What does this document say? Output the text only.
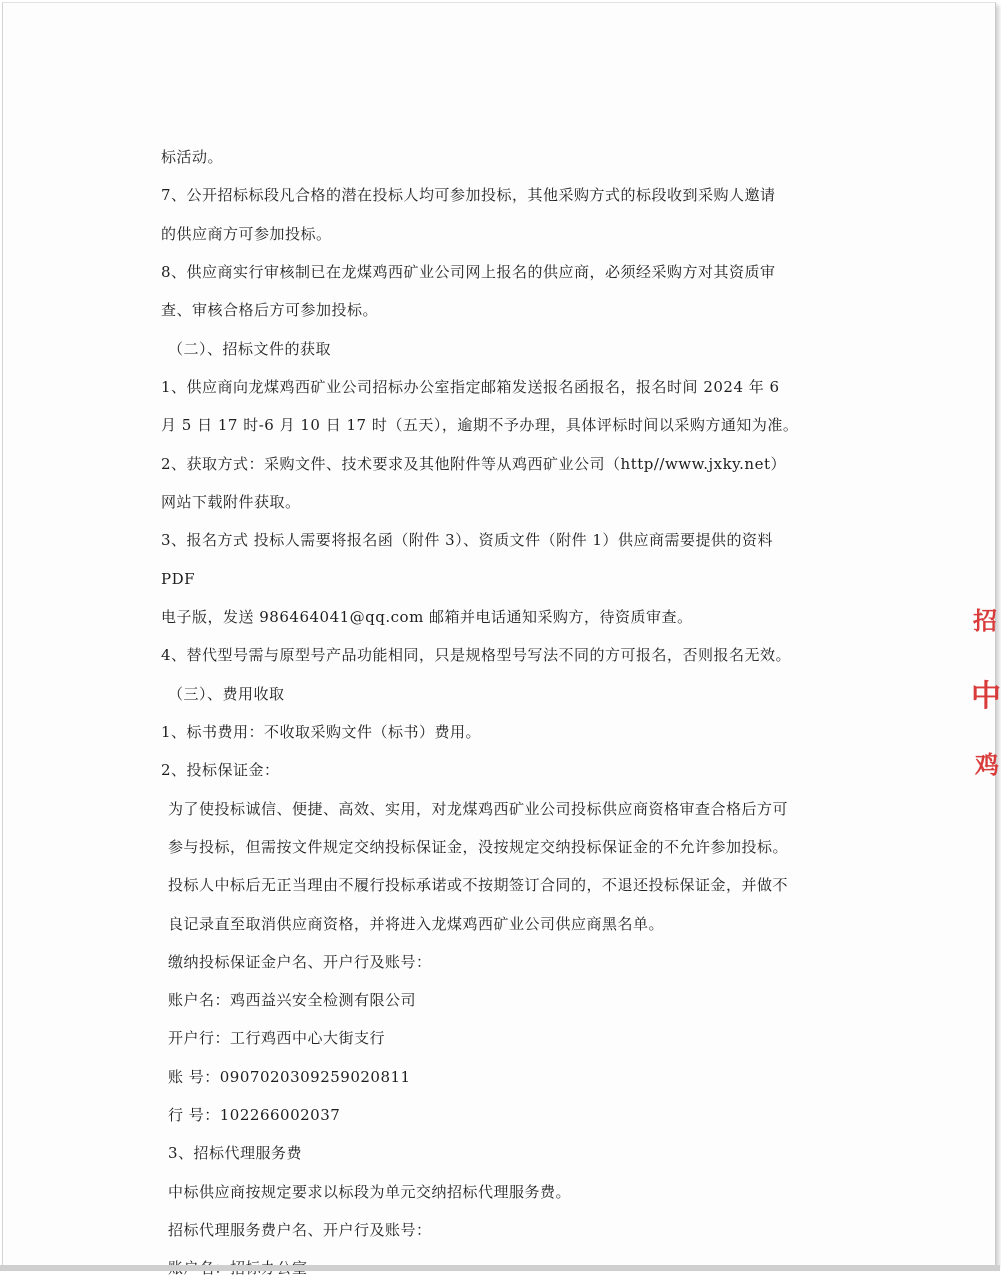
标活动。
7、公开招标标段凡合格的潜在投标人均可参加投标，其他采购方式的标段收到采购人邀请
的供应商方可参加投标。
8、供应商实行审核制已在龙煤鸡西矿业公司网上报名的供应商，必须经采购方对其资质审
查、审核合格后方可参加投标。
（二）、招标文件的获取
1、供应商向龙煤鸡西矿业公司招标办公室指定邮箱发送报名函报名，报名时间 2024 年 6
月 5 日 17 时-6 月 10 日 17 时（五天），逾期不予办理，具体评标时间以采购方通知为准。
2、获取方式：采购文件、技术要求及其他附件等从鸡西矿业公司（http//www.jxky.net）
网站下载附件获取。
3、报名方式 投标人需要将报名函（附件 3）、资质文件（附件 1）供应商需要提供的资料
PDF
电子版，发送 986464041@qq.com 邮箱并电话通知采购方，待资质审查。
4、替代型号需与原型号产品功能相同，只是规格型号写法不同的方可报名，否则报名无效。
（三）、费用收取
1、标书费用：不收取采购文件（标书）费用。
2、投标保证金：
为了使投标诚信、便捷、高效、实用，对龙煤鸡西矿业公司投标供应商资格审查合格后方可
参与投标，但需按文件规定交纳投标保证金，没按规定交纳投标保证金的不允许参加投标。
投标人中标后无正当理由不履行投标承诺或不按期签订合同的，不退还投标保证金，并做不
良记录直至取消供应商资格，并将进入龙煤鸡西矿业公司供应商黑名单。
缴纳投标保证金户名、开户行及账号：
账户名：鸡西益兴安全检测有限公司
开户行：工行鸡西中心大街支行
账 号：0907020309259020811
行 号：102266002037
3、招标代理服务费
中标供应商按规定要求以标段为单元交纳招标代理服务费。
招标代理服务费户名、开户行及账号：
招
中
鸡
